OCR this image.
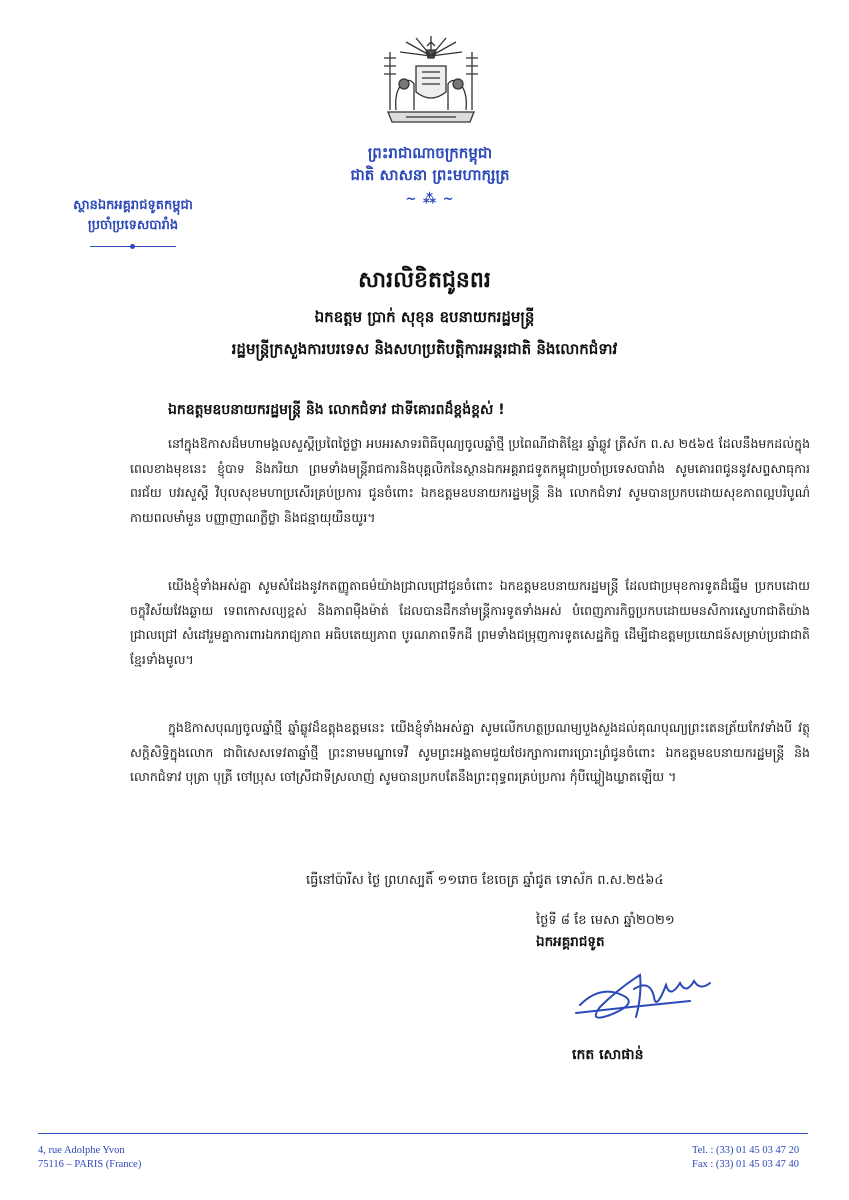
ព្រះរាជាណាចក្រកម្ពុជា
ជាតិ សាសនា ព្រះមហាក្សត្រ
~ ⁂ ~
ស្ថានឯកអគ្គរាជទូតកម្ពុជា
ប្រចាំប្រទេសបារាំង
សារលិខិតជូនពរ
ឯកឧត្តម ប្រាក់ សុខុន ឧបនាយករដ្ឋមន្ត្រី
រដ្ឋមន្ត្រីក្រសួងការបរទេស និងសហប្រតិបត្តិការអន្តរជាតិ និងលោកជំទាវ
ឯកឧត្តមឧបនាយករដ្ឋមន្ត្រី និង លោកជំទាវ ជាទីគោរពដ៏ខ្ពង់ខ្ពស់ !
នៅក្នុងឱកាសដ៏មហាមង្គលសួស្តីប្រពៃថ្ងៃថ្លា អបអរសាទរពិធីបុណ្យចូលឆ្នាំថ្មី ប្រពៃណីជាតិខ្មែរ ឆ្នាំឆ្លូវ ត្រីស័ក ព.ស ២៥៦៥ ដែលនឹងមកដល់ក្នុងពេលខាងមុខនេះ ខ្ញុំបាទ និងភរិយា ព្រមទាំងមន្ត្រីរាជការនិងបុគ្គលិកនៃស្ថានឯកអគ្គរាជទូតកម្ពុជាប្រចាំប្រទេសបារាំង សូមគោរពជូននូវសព្ទសាធុការពរជ័យ បវរសួស្តី វិបុលសុខមហាប្រសើរគ្រប់ប្រការ ជូនចំពោះ ឯកឧត្តមឧបនាយករដ្ឋមន្ត្រី និង លោកជំទាវ សូមបានប្រកបដោយសុខភាពល្អបរិបូណ៌ កាយពលមាំមួន បញ្ញាញាណភ្លឺថ្លា និងជន្មាយុយឺនយូរ។
យើងខ្ញុំទាំងអស់គ្នា សូមសំដែងនូវកតញ្ញូតាធម៌យ៉ាងជ្រាលជ្រៅជូនចំពោះ ឯកឧត្តមឧបនាយករដ្ឋមន្ត្រី ដែលជាប្រមុខការទូតដ៏ឆ្នើម ប្រកបដោយចក្ខុវិស័យវែងឆ្ងាយ ទេពកោសល្យខ្ពស់ និងភាពម៉ឺងម៉ាត់ ដែលបានដឹកនាំមន្ត្រីការទូតទាំងអស់ បំពេញភារកិច្ចប្រកបដោយមនសិការស្នេហាជាតិយ៉ាងជ្រាលជ្រៅ សំដៅរួមគ្នាការពារឯករាជ្យភាព អធិបតេយ្យភាព បូរណភាពទឹកដី ព្រមទាំងជម្រុញការទូតសេដ្ឋកិច្ច ដើម្បីជាឧត្តមប្រយោជន៍សម្រាប់ប្រជាជាតិខ្មែរទាំងមូល។
ក្នុងឱកាសបុណ្យចូលឆ្នាំថ្មី ឆ្នាំឆ្លូវដ៏ឧត្តុងឧត្តមនេះ យើងខ្ញុំទាំងអស់គ្នា សូមលើកហត្ថប្រណម្យបួងសួងដល់គុណបុណ្យព្រះតេនត្រ័យកែវទាំងបី វត្ថុសក្តិសិទ្ធិក្នុងលោក ជាពិសេសទេវតាឆ្នាំថ្មី ព្រះនាមមណ្ឌាទេវី សូមព្រះអង្គតាមជួយថែរក្សាការពារប្រោះព្រំជូនចំពោះ ឯកឧត្តមឧបនាយករដ្ឋមន្ត្រី និង លោកជំទាវ បុត្រា បុត្រី ចៅប្រុស ចៅស្រីជាទីស្រលាញ់ សូមបានប្រកបតែនឹងព្រះពុទ្ធពរគ្រប់ប្រការ កុំបីឃ្លៀងឃ្លាតឡើយ ។
ធ្វើនៅប៉ារីស ថ្ងៃ ព្រហស្បតិ៍ ១១រោច ខែចេត្រ ឆ្នាំជូត ទោស័ក ព.ស.២៥៦៤
ថ្ងៃទី ៨ ខែ មេសា ឆ្នាំ២០២១
ឯកអគ្គរាជទូត
កេត សោផាន់
4, rue Adolphe Yvon
75116 – PARIS (France)
Tel. : (33) 01 45 03 47 20
Fax : (33) 01 45 03 47 40
